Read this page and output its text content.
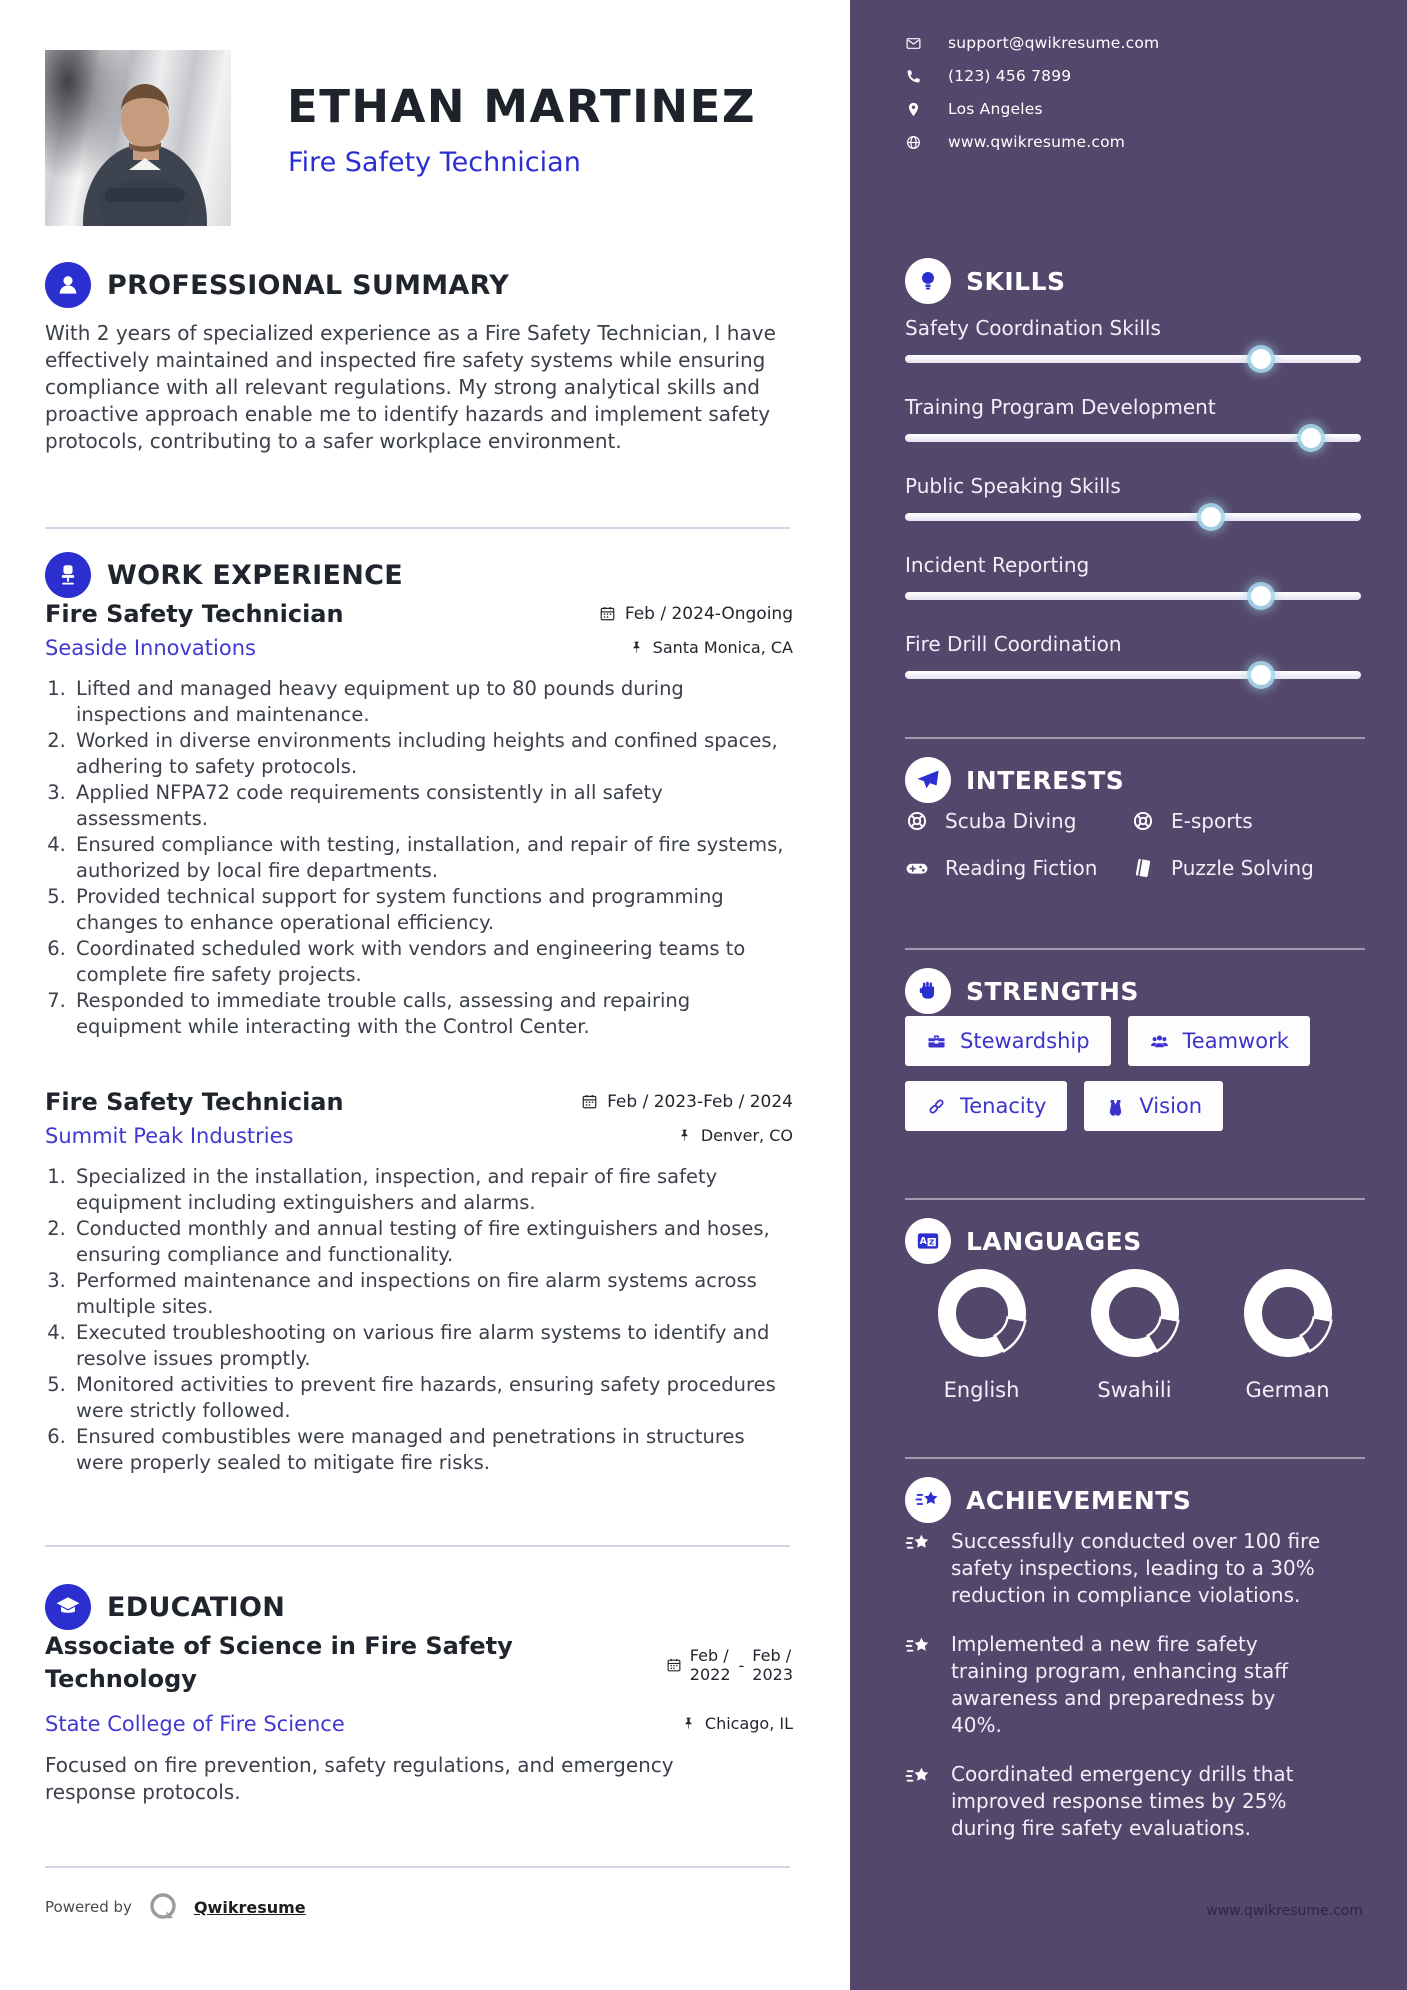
ETHAN MARTINEZ
Fire Safety Technician
PROFESSIONAL SUMMARY
With 2 years of specialized experience as a Fire Safety Technician, I have effectively maintained and inspected fire safety systems while ensuring compliance with all relevant regulations. My strong analytical skills and proactive approach enable me to identify hazards and implement safety protocols, contributing to a safer workplace environment.
WORK EXPERIENCE
Fire Safety Technician	Feb / 2024-Ongoing
Seaside Innovations	Santa Monica, CA
1. Lifted and managed heavy equipment up to 80 pounds during inspections and maintenance.
2. Worked in diverse environments including heights and confined spaces, adhering to safety protocols.
3. Applied NFPA72 code requirements consistently in all safety assessments.
4. Ensured compliance with testing, installation, and repair of fire systems, authorized by local fire departments.
5. Provided technical support for system functions and programming changes to enhance operational efficiency.
6. Coordinated scheduled work with vendors and engineering teams to complete fire safety projects.
7. Responded to immediate trouble calls, assessing and repairing equipment while interacting with the Control Center.
Fire Safety Technician	Feb / 2023-Feb / 2024
Summit Peak Industries	Denver, CO
1. Specialized in the installation, inspection, and repair of fire safety equipment including extinguishers and alarms.
2. Conducted monthly and annual testing of fire extinguishers and hoses, ensuring compliance and functionality.
3. Performed maintenance and inspections on fire alarm systems across multiple sites.
4. Executed troubleshooting on various fire alarm systems to identify and resolve issues promptly.
5. Monitored activities to prevent fire hazards, ensuring safety procedures were strictly followed.
6. Ensured combustibles were managed and penetrations in structures were properly sealed to mitigate fire risks.
EDUCATION
Associate of Science in Fire Safety Technology
Feb /
2022 - Feb /
2023
State College of Fire Science	Chicago, IL
Focused on fire prevention, safety regulations, and emergency response protocols.
Powered by	Qwikresume
support@qwikresume.com
(123) 456 7899
Los Angeles
www.qwikresume.com
SKILLS
Safety Coordination Skills
Training Program Development
Public Speaking Skills
Incident Reporting
Fire Drill Coordination
INTERESTS
Scuba Diving	E-sports
Reading Fiction	Puzzle Solving
STRENGTHS
Stewardship	Teamwork
Tenacity	Vision
A Z LANGUAGES
English	Swahili	German
ACHIEVEMENTS
Successfully conducted over 100 fire safety inspections, leading to a 30% reduction in compliance violations.
Implemented a new fire safety training program, enhancing staff awareness and preparedness by 40%.
Coordinated emergency drills that improved response times by 25% during fire safety evaluations.
www.qwikresume.com
